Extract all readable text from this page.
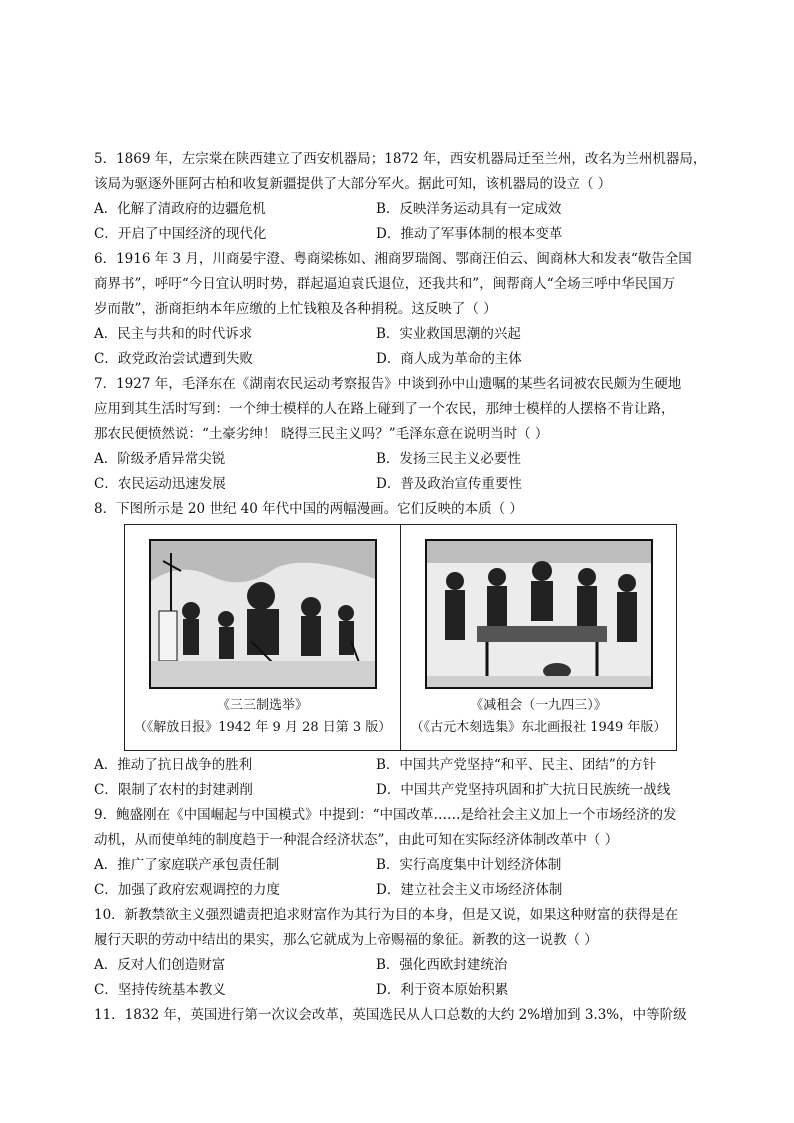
5．1869 年，左宗棠在陕西建立了西安机器局；1872 年，西安机器局迁至兰州，改名为兰州机器局，
该局为驱逐外匪阿古柏和收复新疆提供了大部分军火。据此可知，该机器局的设立（ ）
A．化解了清政府的边疆危机	B．反映洋务运动具有一定成效
C．开启了中国经济的现代化	D．推动了军事体制的根本变革
6．1916 年 3 月，川商晏宇澄、粤商梁栋如、湘商罗瑞阁、鄂商汪伯云、闽商林大和发表“敬告全国
商界书”，呼吁“今日宜认明时势，群起逼迫袁氏退位，还我共和”，闽帮商人“全场三呼中华民国万
岁而散”，浙商拒纳本年应缴的上忙钱粮及各种捐税。这反映了（ ）
A．民主与共和的时代诉求	B．实业救国思潮的兴起
C．政党政治尝试遭到失败	D．商人成为革命的主体
7．1927 年，毛泽东在《湖南农民运动考察报告》中谈到孙中山遗嘱的某些名词被农民颇为生硬地
应用到其生活时写到：一个绅士模样的人在路上碰到了一个农民，那绅士模样的人摆格不肯让路，
那农民便愤然说：“土豪劣绅！ 晓得三民主义吗？”毛泽东意在说明当时（ ）
A．阶级矛盾异常尖锐	B．发扬三民主义必要性
C．农民运动迅速发展	D．普及政治宣传重要性
8．下图所示是 20 世纪 40 年代中国的两幅漫画。它们反映的本质（ ）
《三三制选举》
（《解放日报》1942 年 9 月 28 日第 3 版）
《减租会（一九四三）》
（《古元木刻选集》东北画报社 1949 年版）
A．推动了抗日战争的胜利	B．中国共产党坚持“和平、民主、团结”的方针
C．限制了农村的封建剥削	D．中国共产党坚持巩固和扩大抗日民族统一战线
9．鲍盛刚在《中国崛起与中国模式》中提到：“中国改革……是给社会主义加上一个市场经济的发
动机，从而使单纯的制度趋于一种混合经济状态”，由此可知在实际经济体制改革中（ ）
A．推广了家庭联产承包责任制	B．实行高度集中计划经济体制
C．加强了政府宏观调控的力度	D．建立社会主义市场经济体制
10．新教禁欲主义强烈谴责把追求财富作为其行为目的本身，但是又说，如果这种财富的获得是在
履行天职的劳动中结出的果实，那么它就成为上帝赐福的象征。新教的这一说教（ ）
A．反对人们创造财富	B．强化西欧封建统治
C．坚持传统基本教义	D．利于资本原始积累
11．1832 年，英国进行第一次议会改革，英国选民从人口总数的大约 2%增加到 3.3%，中等阶级
